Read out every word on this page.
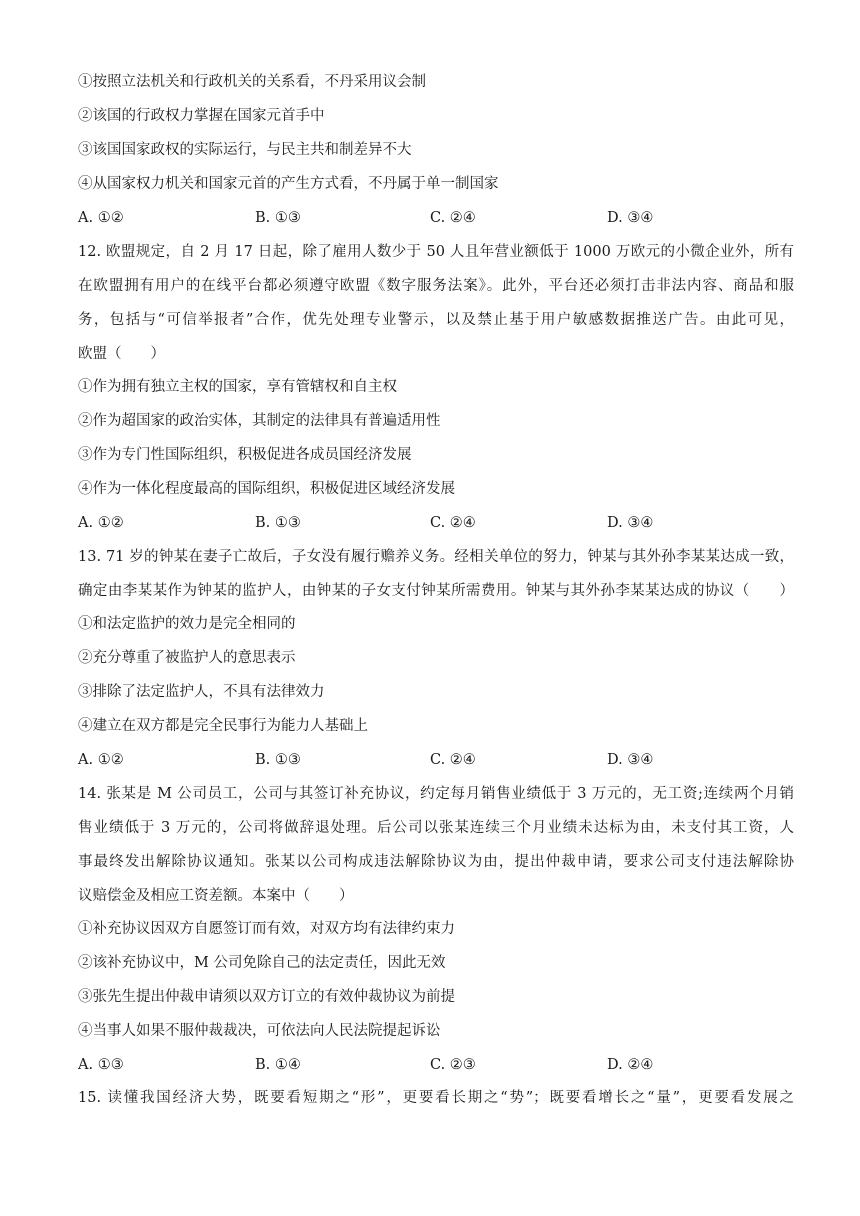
①按照立法机关和行政机关的关系看，不丹采用议会制
②该国的行政权力掌握在国家元首手中
③该国国家政权的实际运行，与民主共和制差异不大
④从国家权力机关和国家元首的产生方式看，不丹属于单一制国家
A. ①②	B. ①③	C. ②④	D. ③④
12. 欧盟规定，自 2 月 17 日起，除了雇用人数少于 50 人且年营业额低于 1000 万欧元的小微企业外，所有
在欧盟拥有用户的在线平台都必须遵守欧盟《数字服务法案》。此外，平台还必须打击非法内容、商品和服
务，包括与“可信举报者”合作，优先处理专业警示，以及禁止基于用户敏感数据推送广告。由此可见，
欧盟（　　）
①作为拥有独立主权的国家，享有管辖权和自主权
②作为超国家的政治实体，其制定的法律具有普遍适用性
③作为专门性国际组织，积极促进各成员国经济发展
④作为一体化程度最高的国际组织，积极促进区域经济发展
A. ①②	B. ①③	C. ②④	D. ③④
13. 71 岁的钟某在妻子亡故后，子女没有履行赡养义务。经相关单位的努力，钟某与其外孙李某某达成一致，
确定由李某某作为钟某的监护人，由钟某的子女支付钟某所需费用。钟某与其外孙李某某达成的协议（　　）
①和法定监护的效力是完全相同的
②充分尊重了被监护人的意思表示
③排除了法定监护人，不具有法律效力
④建立在双方都是完全民事行为能力人基础上
A. ①②	B. ①③	C. ②④	D. ③④
14. 张某是 M 公司员工，公司与其签订补充协议，约定每月销售业绩低于 3 万元的，无工资;连续两个月销
售业绩低于 3 万元的，公司将做辞退处理。后公司以张某连续三个月业绩未达标为由，未支付其工资，人
事最终发出解除协议通知。张某以公司构成违法解除协议为由，提出仲裁申请，要求公司支付违法解除协
议赔偿金及相应工资差额。本案中（　　）
①补充协议因双方自愿签订而有效，对双方均有法律约束力
②该补充协议中，M 公司免除自己的法定责任，因此无效
③张先生提出仲裁申请须以双方订立的有效仲裁协议为前提
④当事人如果不服仲裁裁决，可依法向人民法院提起诉讼
A. ①③	B. ①④	C. ②③	D. ②④
15. 读懂我国经济大势，既要看短期之“形”，更要看长期之“势”；既要看增长之“量”，更要看发展之
